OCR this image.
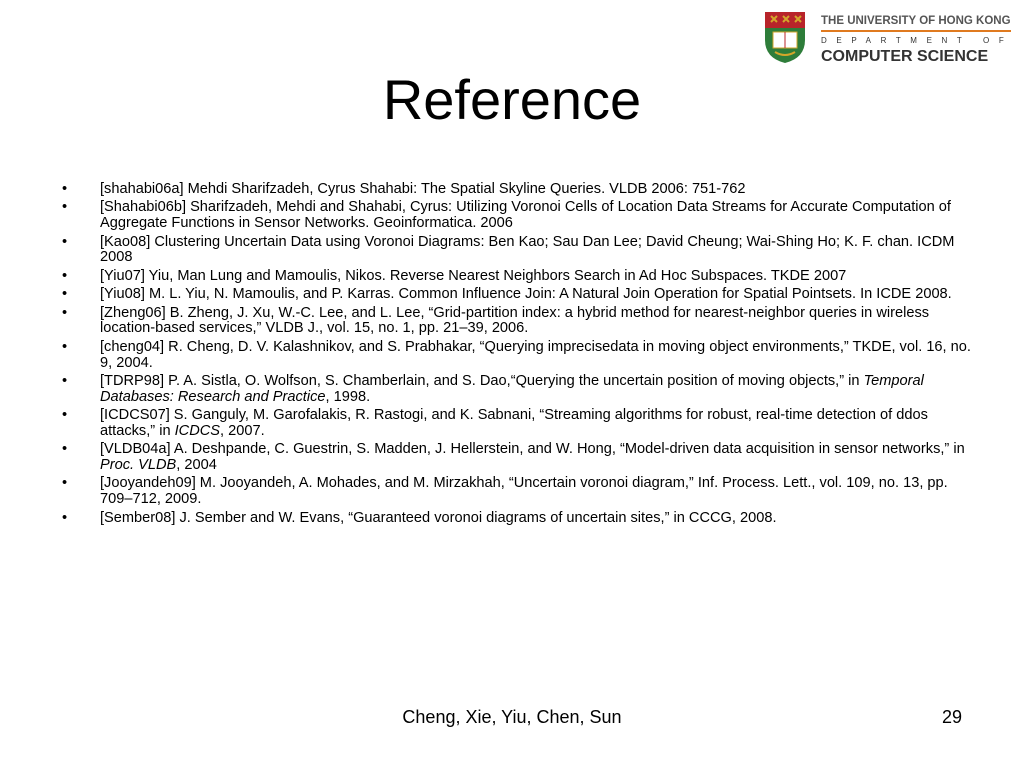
THE UNIVERSITY OF HONG KONG
DEPARTMENT OF
COMPUTER SCIENCE
Reference
• [shahabi06a] Mehdi Sharifzadeh, Cyrus Shahabi: The Spatial Skyline Queries. VLDB 2006: 751-762
• [Shahabi06b] Sharifzadeh, Mehdi and Shahabi, Cyrus: Utilizing Voronoi Cells of Location Data Streams for Accurate Computation of Aggregate Functions in Sensor Networks. Geoinformatica. 2006
• [Kao08] Clustering Uncertain Data using Voronoi Diagrams: Ben Kao; Sau Dan Lee; David Cheung; Wai-Shing Ho; K. F. chan. ICDM 2008
• [Yiu07] Yiu, Man Lung and Mamoulis, Nikos. Reverse Nearest Neighbors Search in Ad Hoc Subspaces. TKDE 2007
• [Yiu08] M. L. Yiu, N. Mamoulis, and P. Karras. Common Influence Join: A Natural Join Operation for Spatial Pointsets. In ICDE 2008.
• [Zheng06] B. Zheng, J. Xu, W.-C. Lee, and L. Lee, “Grid-partition index: a hybrid method for nearest-neighbor queries in wireless location-based services,” VLDB J., vol. 15, no. 1, pp. 21–39, 2006.
• [cheng04] R. Cheng, D. V. Kalashnikov, and S. Prabhakar, “Querying imprecisedata in moving object environments,” TKDE, vol. 16, no. 9, 2004.
• [TDRP98] P. A. Sistla, O. Wolfson, S. Chamberlain, and S. Dao,“Querying the uncertain position of moving objects,” in Temporal Databases: Research and Practice, 1998.
• [ICDCS07] S. Ganguly, M. Garofalakis, R. Rastogi, and K. Sabnani, “Streaming algorithms for robust, real-time detection of ddos attacks,” in ICDCS, 2007.
• [VLDB04a] A. Deshpande, C. Guestrin, S. Madden, J. Hellerstein, and W. Hong, “Model-driven data acquisition in sensor networks,” in Proc. VLDB, 2004
• [Jooyandeh09] M. Jooyandeh, A. Mohades, and M. Mirzakhah, “Uncertain voronoi diagram,” Inf. Process. Lett., vol. 109, no. 13, pp. 709–712, 2009.
• [Semb​er08] J. Sember and W. Evans, “Guaranteed voronoi diagrams of uncertain sites,” in CCCG, 2008.
Cheng, Xie, Yiu, Chen, Sun	29
